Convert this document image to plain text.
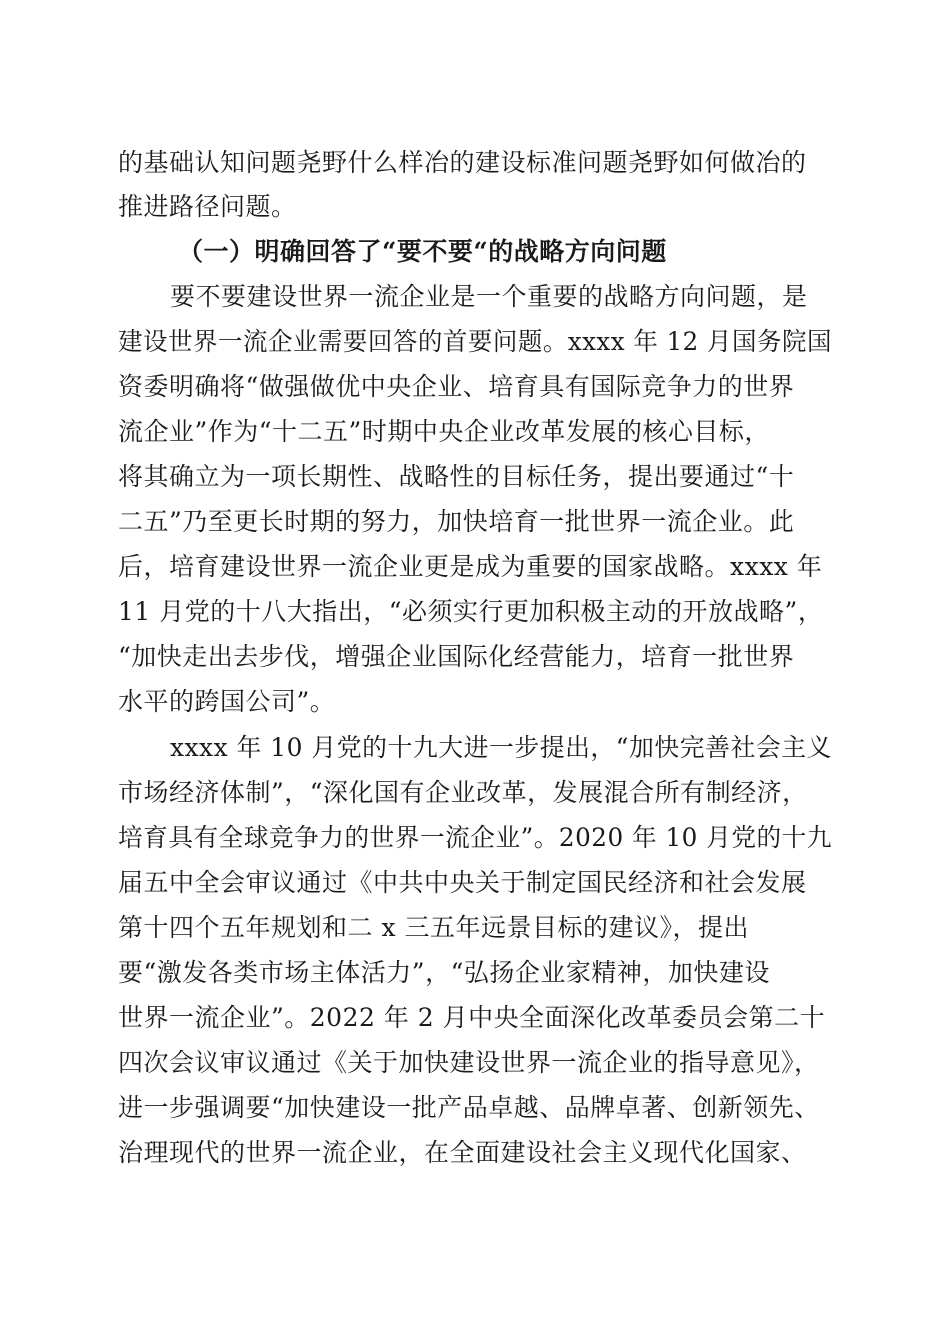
的基础认知问题尧野什么样冶的建设标准问题尧野如何做冶的
推进路径问题。
（一）明确回答了“要不要“的战略方向问题
要不要建设世界一流企业是一个重要的战略方向问题，是
建设世界一流企业需要回答的首要问题。xxxx 年 12 月国务院国
资委明确将“做强做优中央企业、培育具有国际竞争力的世界
流企业”作为“十二五”时期中央企业改革发展的核心目标，
将其确立为一项长期性、战略性的目标任务，提出要通过“十
二五”乃至更长时期的努力，加快培育一批世界一流企业。此
后，培育建设世界一流企业更是成为重要的国家战略。xxxx 年
11 月党的十八大指出，“必须实行更加积极主动的开放战略”，
“加快走出去步伐，增强企业国际化经营能力，培育一批世界
水平的跨国公司”。
xxxx 年 10 月党的十九大进一步提出，“加快完善社会主义
市场经济体制”，“深化国有企业改革，发展混合所有制经济，
培育具有全球竞争力的世界一流企业”。2020 年 10 月党的十九
届五中全会审议通过《中共中央关于制定国民经济和社会发展
第十四个五年规划和二 x 三五年远景目标的建议》，提出
要“激发各类市场主体活力”，“弘扬企业家精神，加快建设
世界一流企业”。2022 年 2 月中央全面深化改革委员会第二十
四次会议审议通过《关于加快建设世界一流企业的指导意见》，
进一步强调要“加快建设一批产品卓越、品牌卓著、创新领先、
治理现代的世界一流企业，在全面建设社会主义现代化国家、
